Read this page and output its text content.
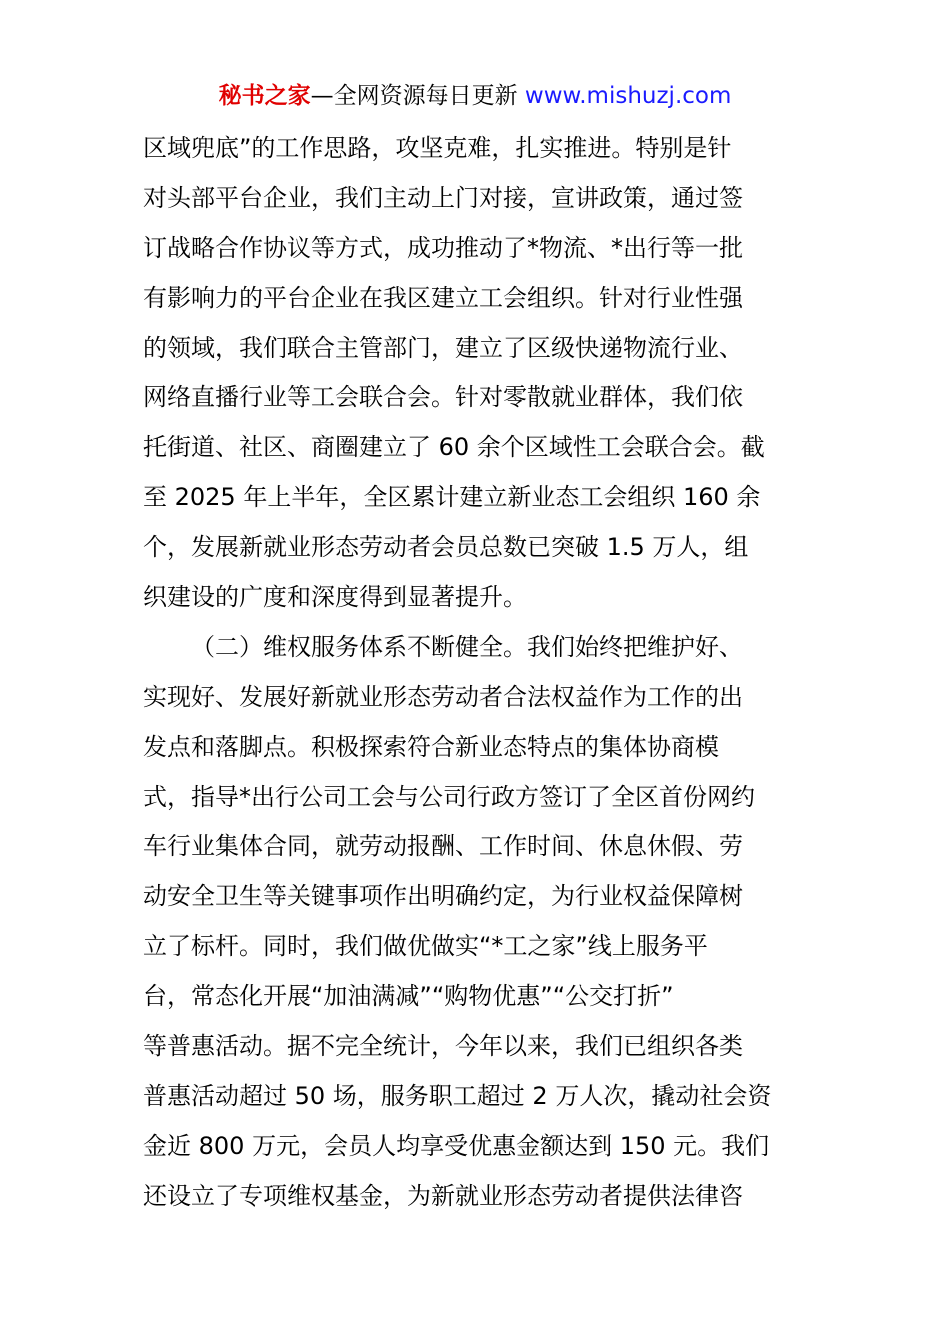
秘书之家—全网资源每日更新 www.mishuzj.com
区域兜底”的工作思路，攻坚克难，扎实推进。特别是针
对头部平台企业，我们主动上门对接，宣讲政策，通过签
订战略合作协议等方式，成功推动了*物流、*出行等一批
有影响力的平台企业在我区建立工会组织。针对行业性强
的领域，我们联合主管部门，建立了区级快递物流行业、
网络直播行业等工会联合会。针对零散就业群体，我们依
托街道、社区、商圈建立了 60 余个区域性工会联合会。截
至 2025 年上半年，全区累计建立新业态工会组织 160 余
个，发展新就业形态劳动者会员总数已突破 1.5 万人，组
织建设的广度和深度得到显著提升。
（二）维权服务体系不断健全。我们始终把维护好、
实现好、发展好新就业形态劳动者合法权益作为工作的出
发点和落脚点。积极探索符合新业态特点的集体协商模
式，指导*出行公司工会与公司行政方签订了全区首份网约
车行业集体合同，就劳动报酬、工作时间、休息休假、劳
动安全卫生等关键事项作出明确约定，为行业权益保障树
立了标杆。同时，我们做优做实“*工之家”线上服务平
台，常态化开展“加油满减”“购物优惠”“公交打折”
等普惠活动。据不完全统计，今年以来，我们已组织各类
普惠活动超过 50 场，服务职工超过 2 万人次，撬动社会资
金近 800 万元，会员人均享受优惠金额达到 150 元。我们
还设立了专项维权基金，为新就业形态劳动者提供法律咨
